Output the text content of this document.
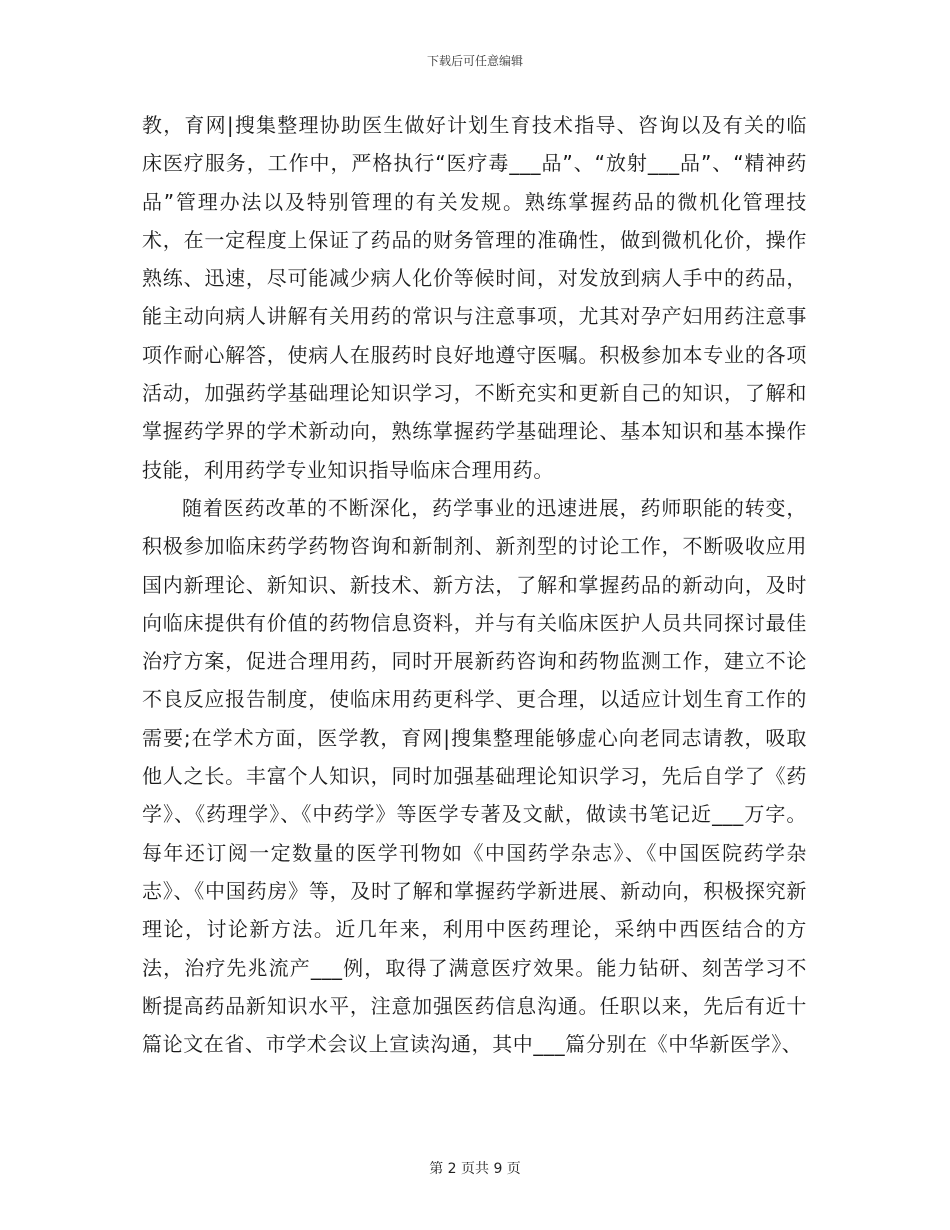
下载后可任意编辑

教，育网|搜集整理协助医生做好计划生育技术指导、咨询以及有关的临床医疗服务，工作中，严格执行“医疗毒___品”、“放射___品”、“精神药品”管理办法以及特别管理的有关发规。熟练掌握药品的微机化管理技术，在一定程度上保证了药品的财务管理的准确性，做到微机化价，操作熟练、迅速，尽可能减少病人化价等候时间，对发放到病人手中的药品，能主动向病人讲解有关用药的常识与注意事项，尤其对孕产妇用药注意事项作耐心解答，使病人在服药时良好地遵守医嘱。积极参加本专业的各项活动，加强药学基础理论知识学习，不断充实和更新自己的知识，了解和掌握药学界的学术新动向，熟练掌握药学基础理论、基本知识和基本操作技能，利用药学专业知识指导临床合理用药。

随着医药改革的不断深化，药学事业的迅速进展，药师职能的转变，积极参加临床药学药物咨询和新制剂、新剂型的讨论工作，不断吸收应用国内新理论、新知识、新技术、新方法，了解和掌握药品的新动向，及时向临床提供有价值的药物信息资料，并与有关临床医护人员共同探讨最佳治疗方案，促进合理用药，同时开展新药咨询和药物监测工作，建立不论不良反应报告制度，使临床用药更科学、更合理，以适应计划生育工作的需要;在学术方面，医学教，育网|搜集整理能够虚心向老同志请教，吸取他人之长。丰富个人知识，同时加强基础理论知识学习，先后自学了《药学》、《药理学》、《中药学》等医学专著及文献，做读书笔记近___万字。每年还订阅一定数量的医学刊物如《中国药学杂志》、《中国医院药学杂志》、《中国药房》等，及时了解和掌握药学新进展、新动向，积极探究新理论，讨论新方法。近几年来，利用中医药理论，采纳中西医结合的方法，治疗先兆流产___例，取得了满意医疗效果。能力钻研、刻苦学习不断提高药品新知识水平，注意加强医药信息沟通。任职以来，先后有近十篇论文在省、市学术会议上宣读沟通，其中___篇分别在《中华新医学》、

第 2 页共 9 页
